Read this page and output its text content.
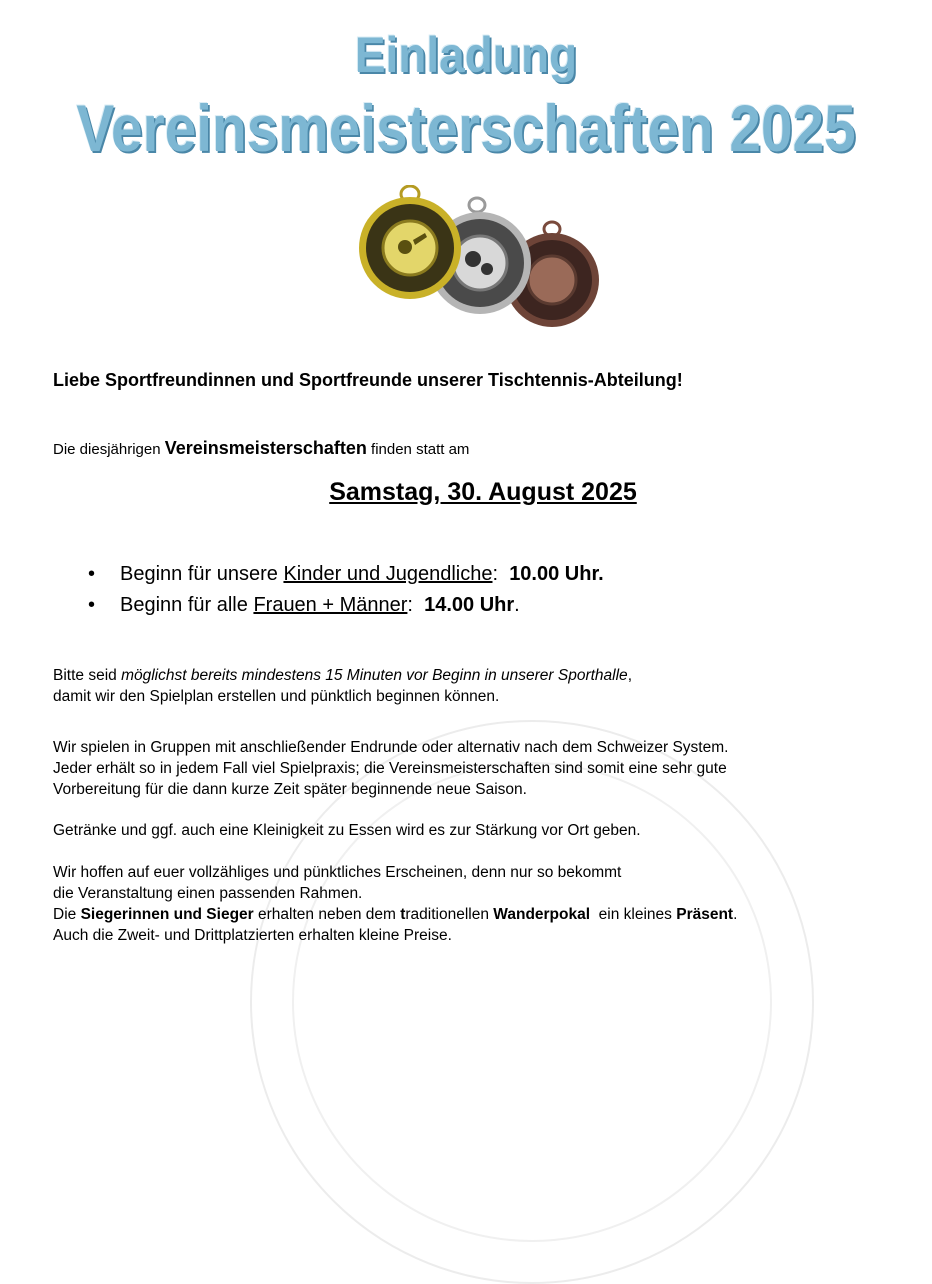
Einladung
Vereinsmeisterschaften 2025
Liebe Sportfreundinnen und Sportfreunde unserer Tischtennis-Abteilung!
Die diesjährigen Vereinsmeisterschaften finden statt am
Samstag, 30. August 2025
• Beginn für unsere Kinder und Jugendliche: 10.00 Uhr.
• Beginn für alle Frauen + Männer: 14.00 Uhr.
Bitte seid möglichst bereits mindestens 15 Minuten vor Beginn in unserer Sporthalle,
damit wir den Spielplan erstellen und pünktlich beginnen können.
Wir spielen in Gruppen mit anschließender Endrunde oder alternativ nach dem Schweizer System.
Jeder erhält so in jedem Fall viel Spielpraxis; die Vereinsmeisterschaften sind somit eine sehr gute
Vorbereitung für die dann kurze Zeit später beginnende neue Saison.
Getränke und ggf. auch eine Kleinigkeit zu Essen wird es zur Stärkung vor Ort geben.
Wir hoffen auf euer vollzähliges und pünktliches Erscheinen, denn nur so bekommt
die Veranstaltung einen passenden Rahmen.
Die Siegerinnen und Sieger erhalten neben dem traditionellen Wanderpokal ein kleines Präsent.
Auch die Zweit- und Drittplatzierten erhalten kleine Preise.
